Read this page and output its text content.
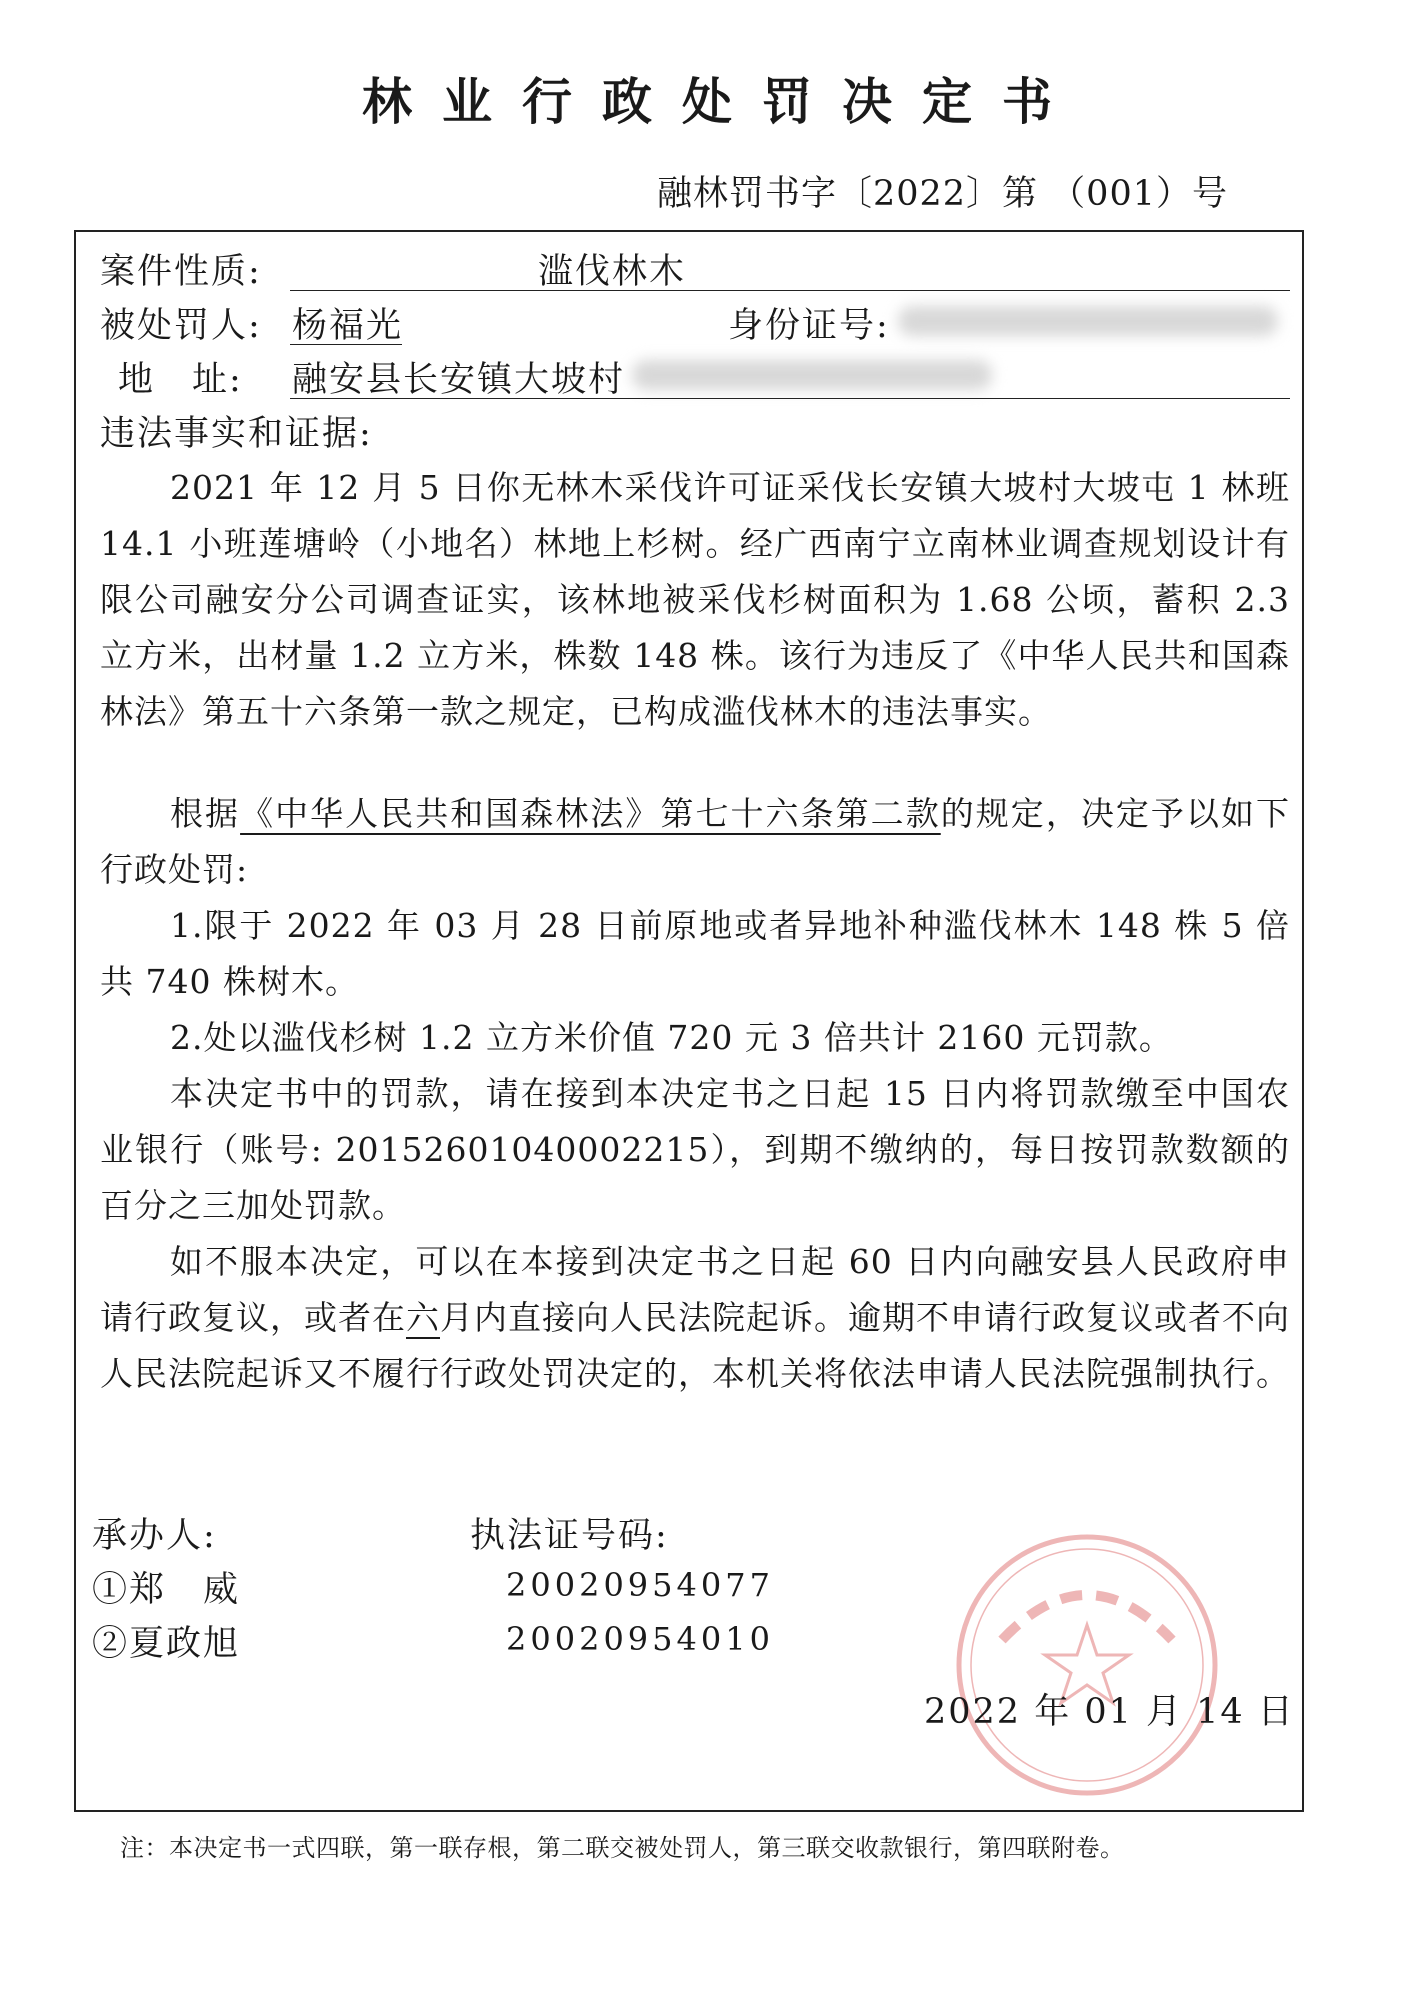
林业行政处罚决定书
融林罚书字〔2022〕第 （001）号
案件性质:	滥伐林木
被处罚人: 杨福光	身份证号:
地　址: 融安县长安镇大坡村
违法事实和证据:
2021 年 12 月 5 日你无林木采伐许可证采伐长安镇大坡村大坡屯 1 林班 14.1 小班莲塘岭（小地名）林地上杉树。经广西南宁立南林业调查规划设计有限公司融安分公司调查证实，该林地被采伐杉树面积为 1.68 公顷，蓄积 2.3 立方米，出材量 1.2 立方米，株数 148 株。该行为违反了《中华人民共和国森林法》第五十六条第一款之规定，已构成滥伐林木的违法事实。
根据《中华人民共和国森林法》第七十六条第二款的规定，决定予以如下行政处罚:
1.限于 2022 年 03 月 28 日前原地或者异地补种滥伐林木 148 株 5 倍共 740 株树木。
2.处以滥伐杉树 1.2 立方米价值 720 元 3 倍共计 2160 元罚款。
本决定书中的罚款，请在接到本决定书之日起 15 日内将罚款缴至中国农业银行（账号: 20152601040002215），到期不缴纳的，每日按罚款数额的百分之三加处罚款。
如不服本决定，可以在本接到决定书之日起 60 日内向融安县人民政府申请行政复议，或者在六月内直接向人民法院起诉。逾期不申请行政复议或者不向人民法院起诉又不履行行政处罚决定的，本机关将依法申请人民法院强制执行。
承办人:	执法证号码:
①郑　威	20020954077
②夏政旭	20020954010
2022 年 01 月 14 日
注：本决定书一式四联，第一联存根，第二联交被处罚人，第三联交收款银行，第四联附卷。
